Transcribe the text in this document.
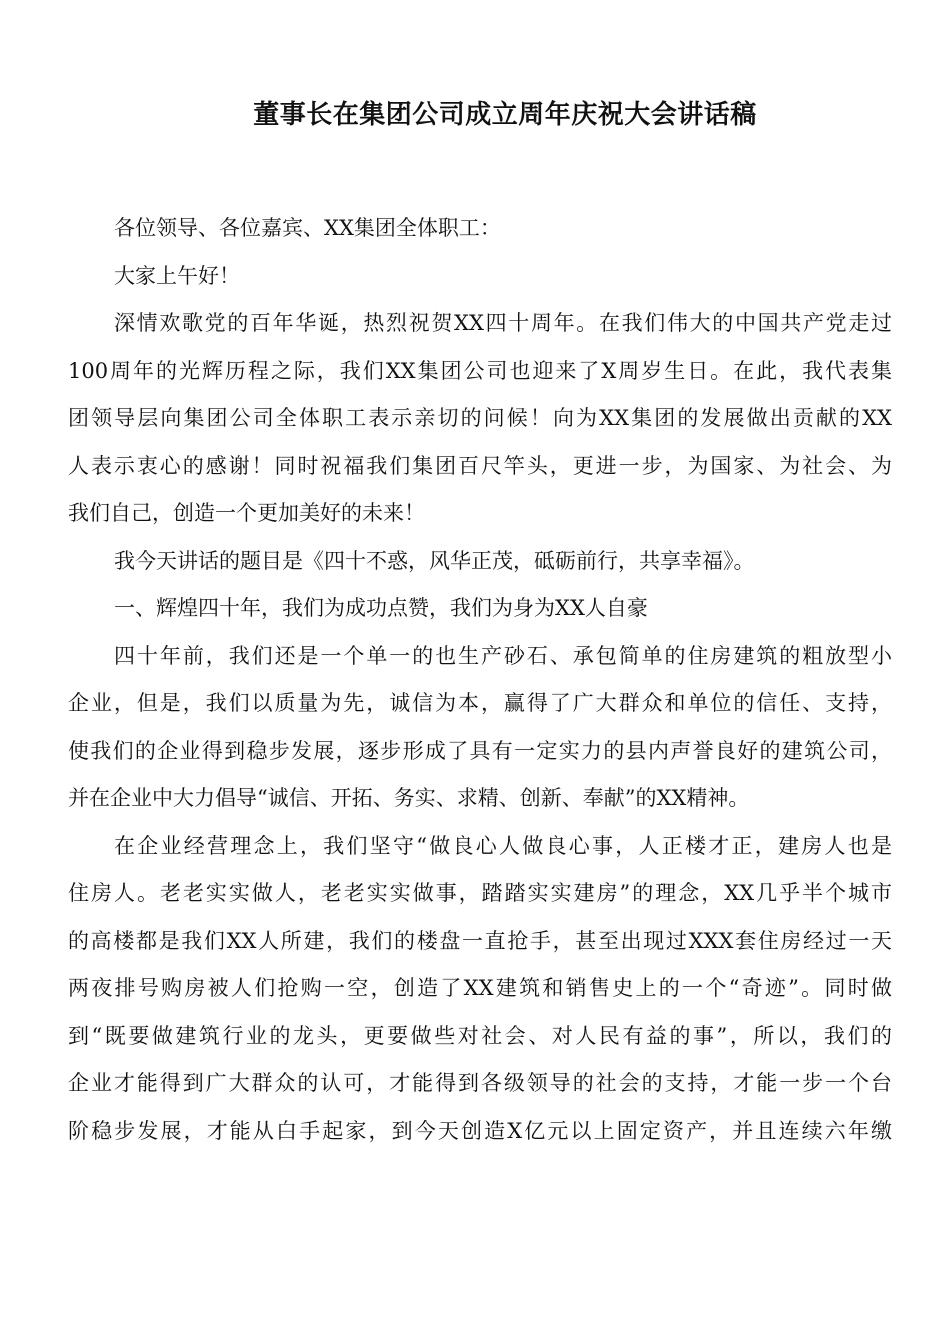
董事长在集团公司成立周年庆祝大会讲话稿
各位领导、各位嘉宾、XX集团全体职工：
大家上午好！
深情欢歌党的百年华诞，热烈祝贺XX四十周年。在我们伟大的中国共产党走过
100周年的光辉历程之际，我们XX集团公司也迎来了X周岁生日。在此，我代表集
团领导层向集团公司全体职工表示亲切的问候！向为XX集团的发展做出贡献的XX
人表示衷心的感谢！同时祝福我们集团百尺竿头，更进一步，为国家、为社会、为
我们自己，创造一个更加美好的未来！
我今天讲话的题目是《四十不惑，风华正茂，砥砺前行，共享幸福》。
一、辉煌四十年，我们为成功点赞，我们为身为XX人自豪
四十年前，我们还是一个单一的也生产砂石、承包简单的住房建筑的粗放型小
企业，但是，我们以质量为先，诚信为本，赢得了广大群众和单位的信任、支持，
使我们的企业得到稳步发展，逐步形成了具有一定实力的县内声誉良好的建筑公司，
并在企业中大力倡导“诚信、开拓、务实、求精、创新、奉献”的XX精神。
在企业经营理念上，我们坚守“做良心人做良心事，人正楼才正，建房人也是
住房人。老老实实做人，老老实实做事，踏踏实实建房”的理念，XX几乎半个城市
的高楼都是我们XX人所建，我们的楼盘一直抢手，甚至出现过XXX套住房经过一天
两夜排号购房被人们抢购一空，创造了XX建筑和销售史上的一个“奇迹”。同时做
到“既要做建筑行业的龙头，更要做些对社会、对人民有益的事”，所以，我们的
企业才能得到广大群众的认可，才能得到各级领导的社会的支持，才能一步一个台
阶稳步发展，才能从白手起家，到今天创造X亿元以上固定资产，并且连续六年缴
